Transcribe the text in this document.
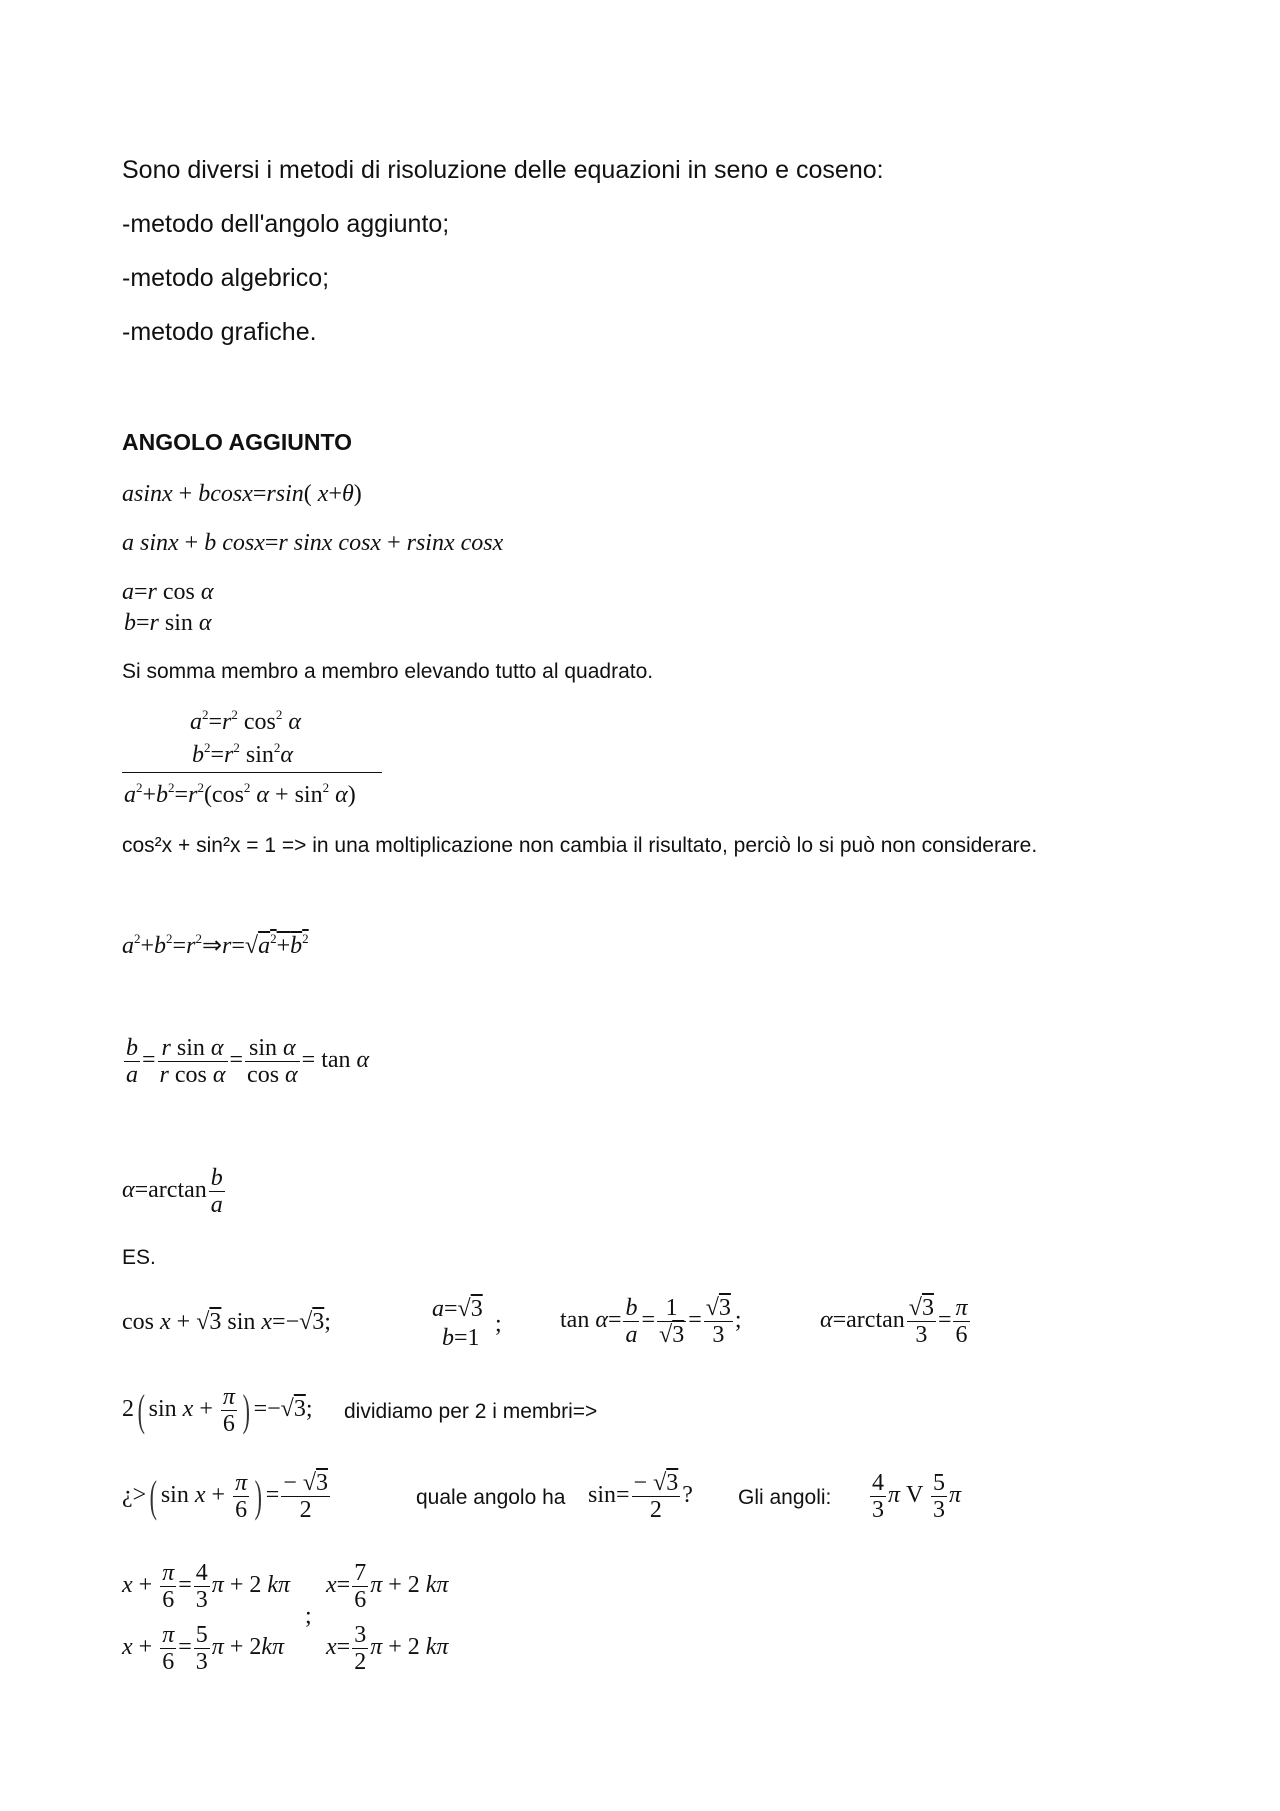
Sono diversi i metodi di risoluzione delle equazioni in seno e coseno:
-metodo dell'angolo aggiunto;
-metodo algebrico;
-metodo grafiche.
ANGOLO AGGIUNTO
asinx + bcosx=rsin( x+θ)
a sinx + b cosx=r sinx cosx + rsinx cosx
a=r cos α
b=r sin α
Si somma membro a membro elevando tutto al quadrato.
$a^2=r^2$ $\cos^2 \alpha$
$b^2=r^2$ $\sin^2\alpha$
$a^2+b^2=r^2(\cos^2$ $\alpha + \sin^2 \alpha$)
cos²x + sin²x = 1 => in una moltiplicazione non cambia il risultato, perciò lo si può non considerare.
$a^2+b^2=r^2\Rightarrow r=√a^2+b^2$
$\frac{b}{a} = \frac{\text{r sin α}}{\text{r cos α}} = \frac{\text{sin α}}{\text{cos α}} = \tan \alpha$
$\alpha=\arctan \frac{b}{a}$
ES.
cos x + √3 sin x=−√3;	a=√3
b=1
; $\tan \alpha= \frac{b}{a} = \frac{1}{√3} = \frac{√3}{3}$ ;	$\alpha=\arctan \frac{√3}{3} = \frac{\pi}{6}$
2( $\sin x + \frac{\pi}{6}$ ) =−√3; dividiamo per 2 i membri=>
¿>( $\sin x + \frac{\pi}{6}$ ) = $\frac{- √3}{2}$	quale angolo ha $\sin= \frac{- √3}{2}$ ? Gli angoli: $\frac{4}{3}$ π V $\frac{5}{3}$ π
$x + \frac{\pi}{6} = \frac{4}{3}$ π + 2 kπ
$x + \frac{\pi}{6} = \frac{5}{3}$ π + 2kπ
;
$x= \frac{7}{6}$ π + 2 kπ
$x= \frac{3}{2}$ π + 2 kπ
